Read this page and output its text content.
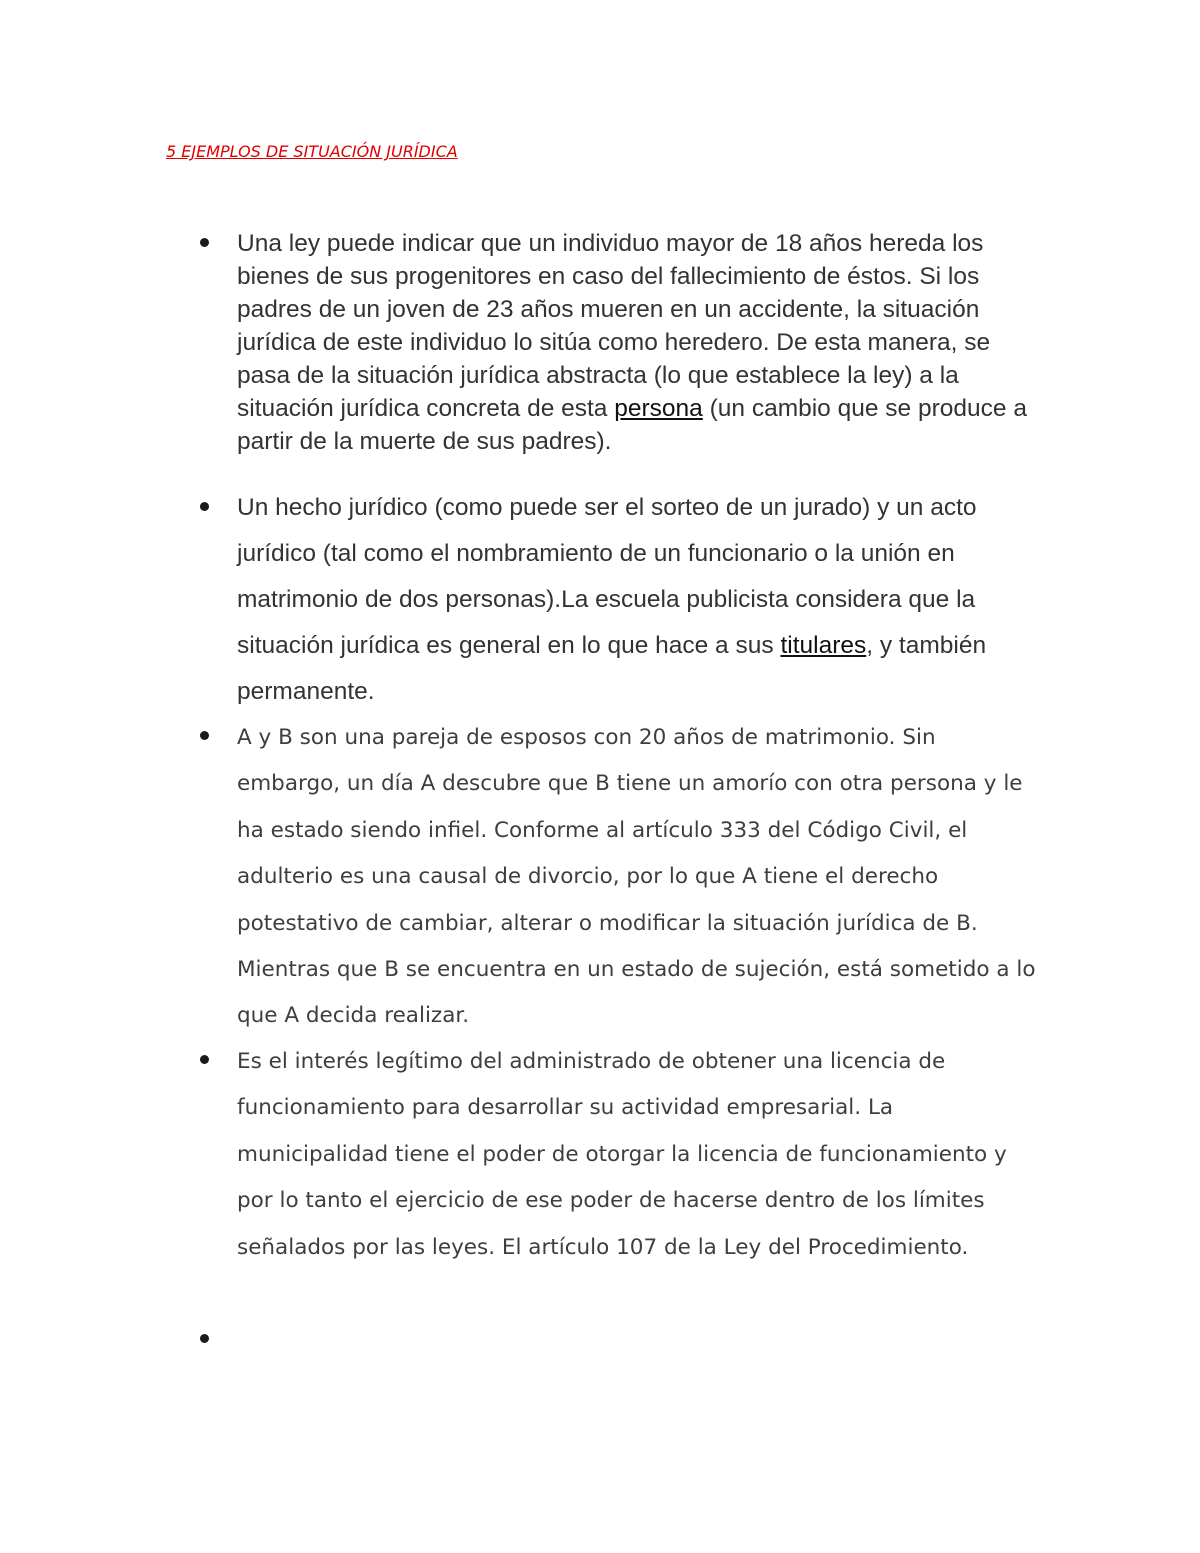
5 EJEMPLOS DE SITUACIÓN JURÍDICA

Una ley puede indicar que un individuo mayor de 18 años hereda los bienes de sus progenitores en caso del fallecimiento de éstos. Si los padres de un joven de 23 años mueren en un accidente, la situación jurídica de este individuo lo sitúa como heredero. De esta manera, se pasa de la situación jurídica abstracta (lo que establece la ley) a la situación jurídica concreta de esta persona (un cambio que se produce a partir de la muerte de sus padres).

Un hecho jurídico (como puede ser el sorteo de un jurado) y un acto jurídico (tal como el nombramiento de un funcionario o la unión en matrimonio de dos personas).La escuela publicista considera que la situación jurídica es general en lo que hace a sus titulares, y también permanente.

A y B son una pareja de esposos con 20 años de matrimonio. Sin embargo, un día A descubre que B tiene un amorío con otra persona y le ha estado siendo infiel. Conforme al artículo 333 del Código Civil, el adulterio es una causal de divorcio, por lo que A tiene el derecho potestativo de cambiar, alterar o modificar la situación jurídica de B. Mientras que B se encuentra en un estado de sujeción, está sometido a lo que A decida realizar.

Es el interés legítimo del administrado de obtener una licencia de funcionamiento para desarrollar su actividad empresarial. La municipalidad tiene el poder de otorgar la licencia de funcionamiento y por lo tanto el ejercicio de ese poder de hacerse dentro de los límites señalados por las leyes. El artículo 107 de la Ley del Procedimiento.
